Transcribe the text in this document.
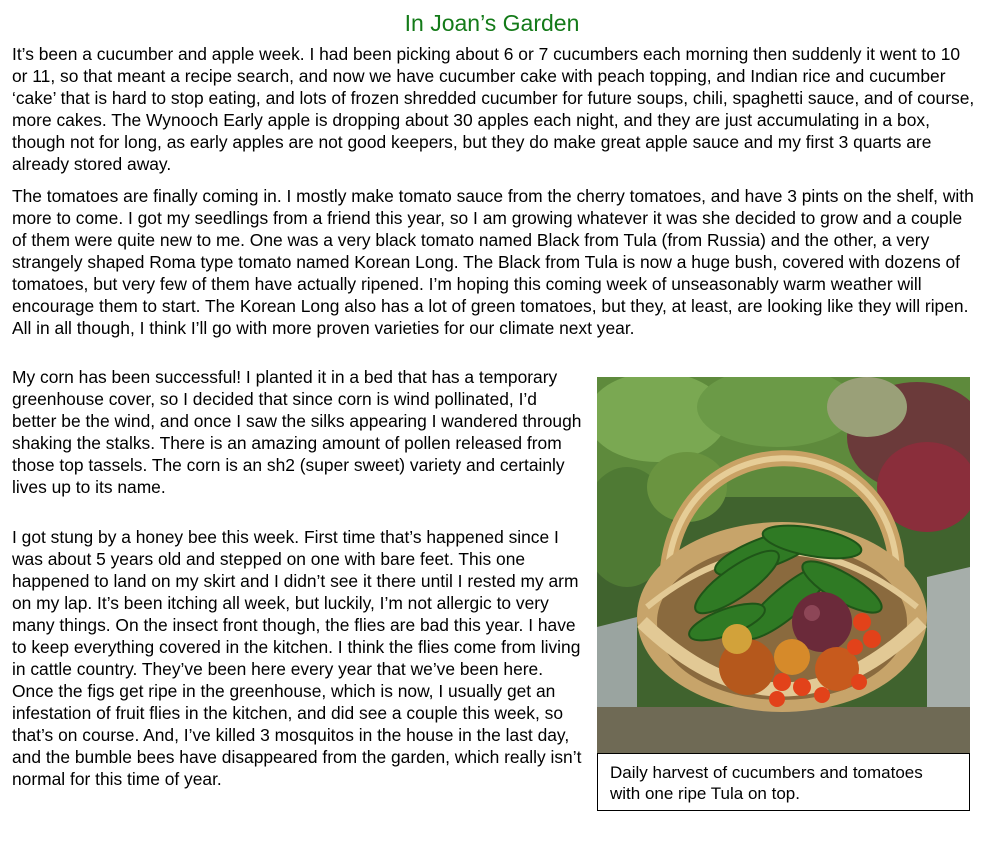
In Joan’s Garden

It’s been a cucumber and apple week. I had been picking about 6 or 7 cucumbers each morning then suddenly it went to 10 or 11, so that meant a recipe search, and now we have cucumber cake with peach topping, and Indian rice and cucumber ‘cake’ that is hard to stop eating, and lots of frozen shredded cucumber for future soups, chili, spaghetti sauce, and of course, more cakes. The Wynooch Early apple is dropping about 30 apples each night, and they are just accumulating in a box, though not for long, as early apples are not good keepers, but they do make great apple sauce and my first 3 quarts are already stored away.

The tomatoes are finally coming in. I mostly make tomato sauce from the cherry tomatoes, and have 3 pints on the shelf, with more to come. I got my seedlings from a friend this year, so I am growing whatever it was she decided to grow and a couple of them were quite new to me. One was a very black tomato named Black from Tula (from Russia) and the other, a very strangely shaped Roma type tomato named Korean Long. The Black from Tula is now a huge bush, covered with dozens of tomatoes, but very few of them have actually ripened. I’m hoping this coming week of unseasonably warm weather will encourage them to start. The Korean Long also has a lot of green tomatoes, but they, at least, are looking like they will ripen. All in all though, I think I’ll go with more proven varieties for our climate next year.

My corn has been successful! I planted it in a bed that has a temporary greenhouse cover, so I decided that since corn is wind pollinated, I’d better be the wind, and once I saw the silks appearing I wandered through shaking the stalks. There is an amazing amount of pollen released from those top tassels. The corn is an sh2 (super sweet) variety and certainly lives up to its name.

I got stung by a honey bee this week. First time that’s happened since I was about 5 years old and stepped on one with bare feet. This one happened to land on my skirt and I didn’t see it there until I rested my arm on my lap. It’s been itching all week, but luckily, I’m not allergic to very many things. On the insect front though, the flies are bad this year. I have to keep everything covered in the kitchen. I think the flies come from living in cattle country. They’ve been here every year that we’ve been here. Once the figs get ripe in the greenhouse, which is now, I usually get an infestation of fruit flies in the kitchen, and did see a couple this week, so that’s on course. And, I’ve killed 3 mosquitos in the house in the last day, and the bumble bees have disappeared from the garden, which really isn’t normal for this time of year.	Daily harvest of cucumbers and tomatoes with one ripe Tula on top.
